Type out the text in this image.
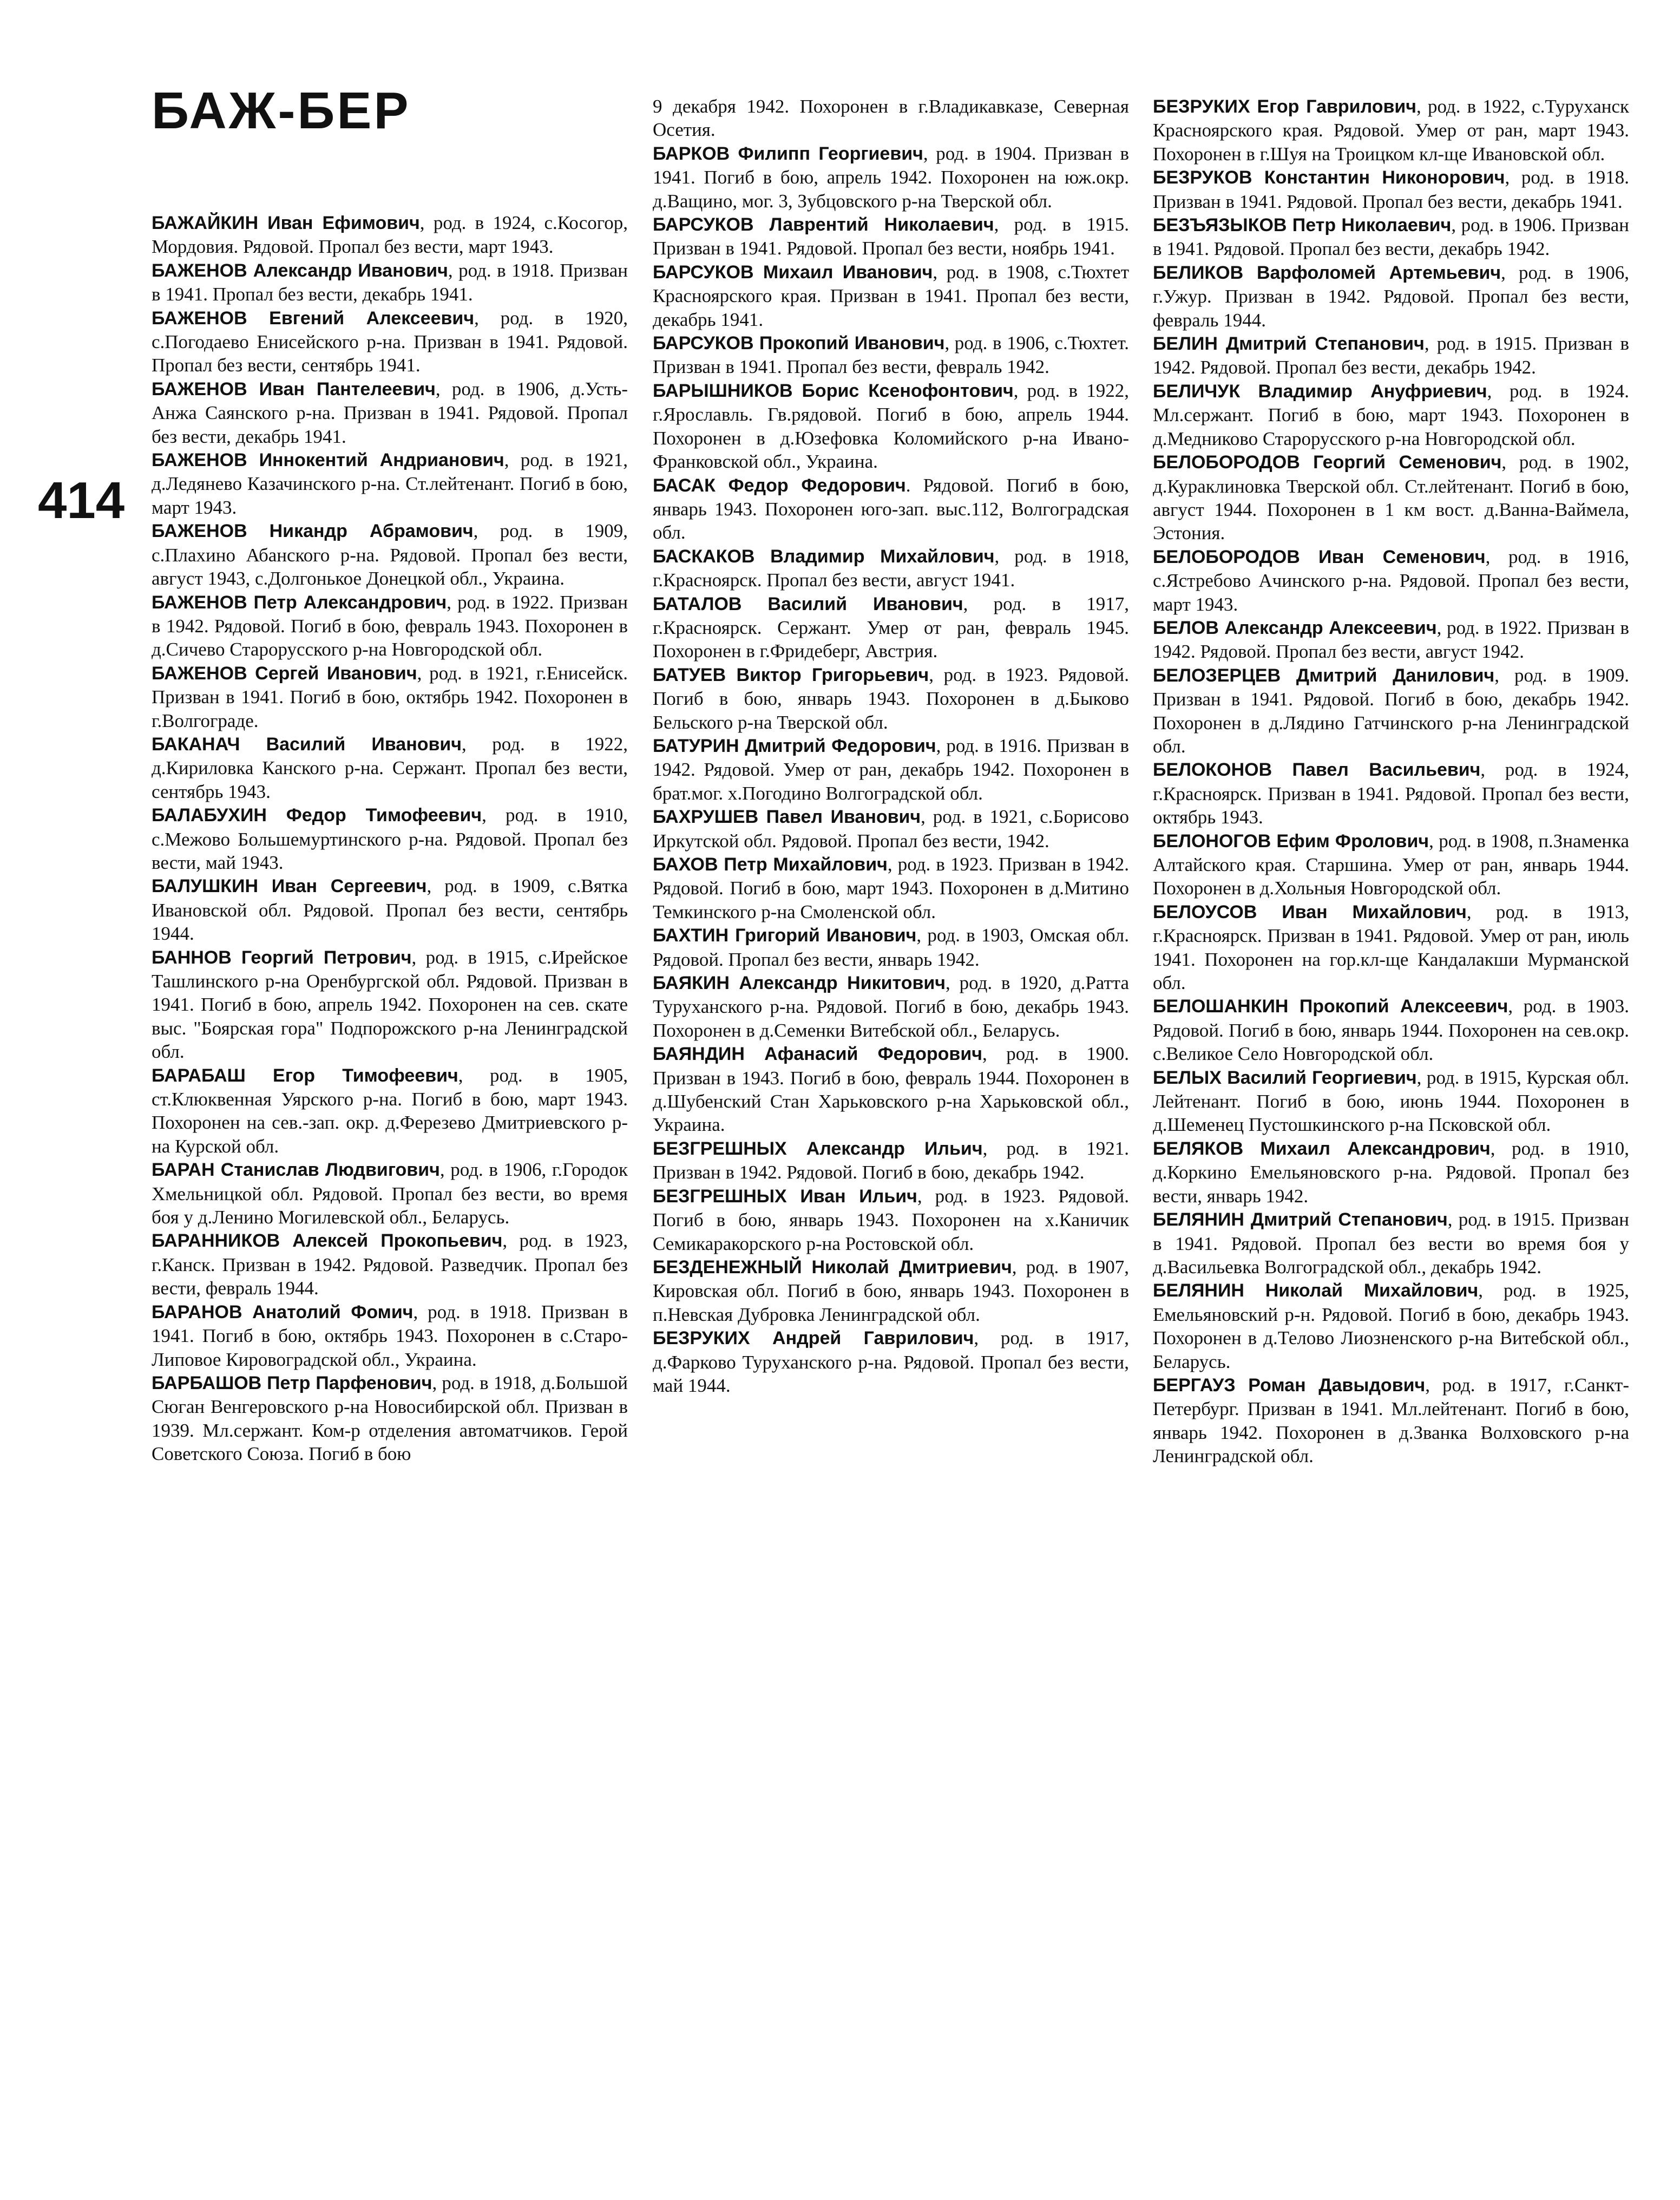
БАЖ-БЕР
414

БАЖАЙКИН Иван Ефимович, род. в 1924, с.Косогор, Мордовия. Рядовой. Пропал без вести, март 1943.

БАЖЕНОВ Александр Иванович, род. в 1918. Призван в 1941. Пропал без вести, декабрь 1941.

БАЖЕНОВ Евгений Алексеевич, род. в 1920, с.Погодаево Енисейского р-на. Призван в 1941. Рядовой. Пропал без вести, сентябрь 1941.

БАЖЕНОВ Иван Пантелеевич, род. в 1906, д.Усть-Анжа Саянского р-на. Призван в 1941. Рядовой. Пропал без вести, декабрь 1941.

БАЖЕНОВ Иннокентий Андрианович, род. в 1921, д.Ледянево Казачинского р-на. Ст.лейтенант. Погиб в бою, март 1943.

БАЖЕНОВ Никандр Абрамович, род. в 1909, с.Плахино Абанского р-на. Рядовой. Пропал без вести, август 1943, с.Долгонькое Донецкой обл., Украина.

БАЖЕНОВ Петр Александрович, род. в 1922. Призван в 1942. Рядовой. Погиб в бою, февраль 1943. Похоронен в д.Сичево Старорусского р-на Новгородской обл.

БАЖЕНОВ Сергей Иванович, род. в 1921, г.Енисейск. Призван в 1941. Погиб в бою, октябрь 1942. Похоронен в г.Волгограде.

БАКАНАЧ Василий Иванович, род. в 1922, д.Кириловка Канского р-на. Сержант. Пропал без вести, сентябрь 1943.

БАЛАБУХИН Федор Тимофеевич, род. в 1910, с.Межово Большемуртинского р-на. Рядовой. Пропал без вести, май 1943.

БАЛУШКИН Иван Сергеевич, род. в 1909, с.Вятка Ивановской обл. Рядовой. Пропал без вести, сентябрь 1944.

БАННОВ Георгий Петрович, род. в 1915, с.Ирейское Ташлинского р-на Оренбургской обл. Рядовой. Призван в 1941. Погиб в бою, апрель 1942. Похоронен на сев. скате выс. "Боярская гора" Подпорожского р-на Ленинградской обл.

БАРАБАШ Егор Тимофеевич, род. в 1905, ст.Клюквенная Уярского р-на. Погиб в бою, март 1943. Похоронен на сев.-зап. окр. д.Ферезево Дмитриевского р-на Курской обл.

БАРАН Станислав Людвигович, род. в 1906, г.Городок Хмельницкой обл. Рядовой. Пропал без вести, во время боя у д.Ленино Могилевской обл., Беларусь.

БАРАННИКОВ Алексей Прокопьевич, род. в 1923, г.Канск. Призван в 1942. Рядовой. Разведчик. Пропал без вести, февраль 1944.

БАРАНОВ Анатолий Фомич, род. в 1918. Призван в 1941. Погиб в бою, октябрь 1943. Похоронен в с.Старо-Липовое Кировоградской обл., Украина.

БАРБАШОВ Петр Парфенович, род. в 1918, д.Большой Сюган Венгеровского р-на Новосибирской обл. Призван в 1939. Мл.сержант. Ком-р отделения автоматчиков. Герой Советского Союза. Погиб в бою

9 декабря 1942. Похоронен в г.Владикавказе, Северная Осетия.

БАРКОВ Филипп Георгиевич, род. в 1904. Призван в 1941. Погиб в бою, апрель 1942. Похоронен на юж.окр. д.Ващино, мог. 3, Зубцовского р-на Тверской обл.

БАРСУКОВ Лаврентий Николаевич, род. в 1915. Призван в 1941. Рядовой. Пропал без вести, ноябрь 1941.

БАРСУКОВ Михаил Иванович, род. в 1908, с.Тюхтет Красноярского края. Призван в 1941. Пропал без вести, декабрь 1941.

БАРСУКОВ Прокопий Иванович, род. в 1906, с.Тюхтет. Призван в 1941. Пропал без вести, февраль 1942.

БАРЫШНИКОВ Борис Ксенофонтович, род. в 1922, г.Ярославль. Гв.рядовой. Погиб в бою, апрель 1944. Похоронен в д.Юзефовка Коломийского р-на Ивано-Франковской обл., Украина.

БАСАК Федор Федорович. Рядовой. Погиб в бою, январь 1943. Похоронен юго-зап. выс.112, Волгоградская обл.

БАСКАКОВ Владимир Михайлович, род. в 1918, г.Красноярск. Пропал без вести, август 1941.

БАТАЛОВ Василий Иванович, род. в 1917, г.Красноярск. Сержант. Умер от ран, февраль 1945. Похоронен в г.Фридеберг, Австрия.

БАТУЕВ Виктор Григорьевич, род. в 1923. Рядовой. Погиб в бою, январь 1943. Похоронен в д.Быково Бельского р-на Тверской обл.

БАТУРИН Дмитрий Федорович, род. в 1916. Призван в 1942. Рядовой. Умер от ран, декабрь 1942. Похоронен в брат.мог. х.Погодино Волгоградской обл.

БАХРУШЕВ Павел Иванович, род. в 1921, с.Борисово Иркутской обл. Рядовой. Пропал без вести, 1942.

БАХОВ Петр Михайлович, род. в 1923. Призван в 1942. Рядовой. Погиб в бою, март 1943. Похоронен в д.Митино Темкинского р-на Смоленской обл.

БАХТИН Григорий Иванович, род. в 1903, Омская обл. Рядовой. Пропал без вести, январь 1942.

БАЯКИН Александр Никитович, род. в 1920, д.Ратта Туруханского р-на. Рядовой. Погиб в бою, декабрь 1943. Похоронен в д.Семенки Витебской обл., Беларусь.

БАЯНДИН Афанасий Федорович, род. в 1900. Призван в 1943. Погиб в бою, февраль 1944. Похоронен в д.Шубенский Стан Харьковского р-на Харьковской обл., Украина.

БЕЗГРЕШНЫХ Александр Ильич, род. в 1921. Призван в 1942. Рядовой. Погиб в бою, декабрь 1942.

БЕЗГРЕШНЫХ Иван Ильич, род. в 1923. Рядовой. Погиб в бою, январь 1943. Похоронен на х.Каничик Семикаракорского р-на Ростовской обл.

БЕЗДЕНЕЖНЫЙ Николай Дмитриевич, род. в 1907, Кировская обл. Погиб в бою, январь 1943. Похоронен в п.Невская Дубровка Ленинградской обл.

БЕЗРУКИХ Андрей Гаврилович, род. в 1917, д.Фарково Туруханского р-на. Рядовой. Пропал без вести, май 1944.

БЕЗРУКИХ Егор Гаврилович, род. в 1922, с.Туруханск Красноярского края. Рядовой. Умер от ран, март 1943. Похоронен в г.Шуя на Троицком кл-ще Ивановской обл.

БЕЗРУКОВ Константин Никонорович, род. в 1918. Призван в 1941. Рядовой. Пропал без вести, декабрь 1941.

БЕЗЪЯЗЫКОВ Петр Николаевич, род. в 1906. Призван в 1941. Рядовой. Пропал без вести, декабрь 1942.

БЕЛИКОВ Варфоломей Артемьевич, род. в 1906, г.Ужур. Призван в 1942. Рядовой. Пропал без вести, февраль 1944.

БЕЛИН Дмитрий Степанович, род. в 1915. Призван в 1942. Рядовой. Пропал без вести, декабрь 1942.

БЕЛИЧУК Владимир Ануфриевич, род. в 1924. Мл.сержант. Погиб в бою, март 1943. Похоронен в д.Медниково Старорусского р-на Новгородской обл.

БЕЛОБОРОДОВ Георгий Семенович, род. в 1902, д.Кураклиновка Тверской обл. Ст.лейтенант. Погиб в бою, август 1944. Похоронен в 1 км вост. д.Ванна-Ваймела, Эстония.

БЕЛОБОРОДОВ Иван Семенович, род. в 1916, с.Ястребово Ачинского р-на. Рядовой. Пропал без вести, март 1943.

БЕЛОВ Александр Алексеевич, род. в 1922. Призван в 1942. Рядовой. Пропал без вести, август 1942.

БЕЛОЗЕРЦЕВ Дмитрий Данилович, род. в 1909. Призван в 1941. Рядовой. Погиб в бою, декабрь 1942. Похоронен в д.Лядино Гатчинского р-на Ленинградской обл.

БЕЛОКОНОВ Павел Васильевич, род. в 1924, г.Красноярск. Призван в 1941. Рядовой. Пропал без вести, октябрь 1943.

БЕЛОНОГОВ Ефим Фролович, род. в 1908, п.Знаменка Алтайского края. Старшина. Умер от ран, январь 1944. Похоронен в д.Хольныя Новгородской обл.

БЕЛОУСОВ Иван Михайлович, род. в 1913, г.Красноярск. Призван в 1941. Рядовой. Умер от ран, июль 1941. Похоронен на гор.кл-ще Кандалакши Мурманской обл.

БЕЛОШАНКИН Прокопий Алексеевич, род. в 1903. Рядовой. Погиб в бою, январь 1944. Похоронен на сев.окр. с.Великое Село Новгородской обл.

БЕЛЫХ Василий Георгиевич, род. в 1915, Курская обл. Лейтенант. Погиб в бою, июнь 1944. Похоронен в д.Шеменец Пустошкинского р-на Псковской обл.

БЕЛЯКОВ Михаил Александрович, род. в 1910, д.Коркино Емельяновского р-на. Рядовой. Пропал без вести, январь 1942.

БЕЛЯНИН Дмитрий Степанович, род. в 1915. Призван в 1941. Рядовой. Пропал без вести во время боя у д.Васильевка Волгоградской обл., декабрь 1942.

БЕЛЯНИН Николай Михайлович, род. в 1925, Емельяновский р-н. Рядовой. Погиб в бою, декабрь 1943. Похоронен в д.Телово Лиозненского р-на Витебской обл., Беларусь.

БЕРГАУЗ Роман Давыдович, род. в 1917, г.Санкт-Петербург. Призван в 1941. Мл.лейтенант. Погиб в бою, январь 1942. Похоронен в д.Званка Волховского р-на Ленинградской обл.
